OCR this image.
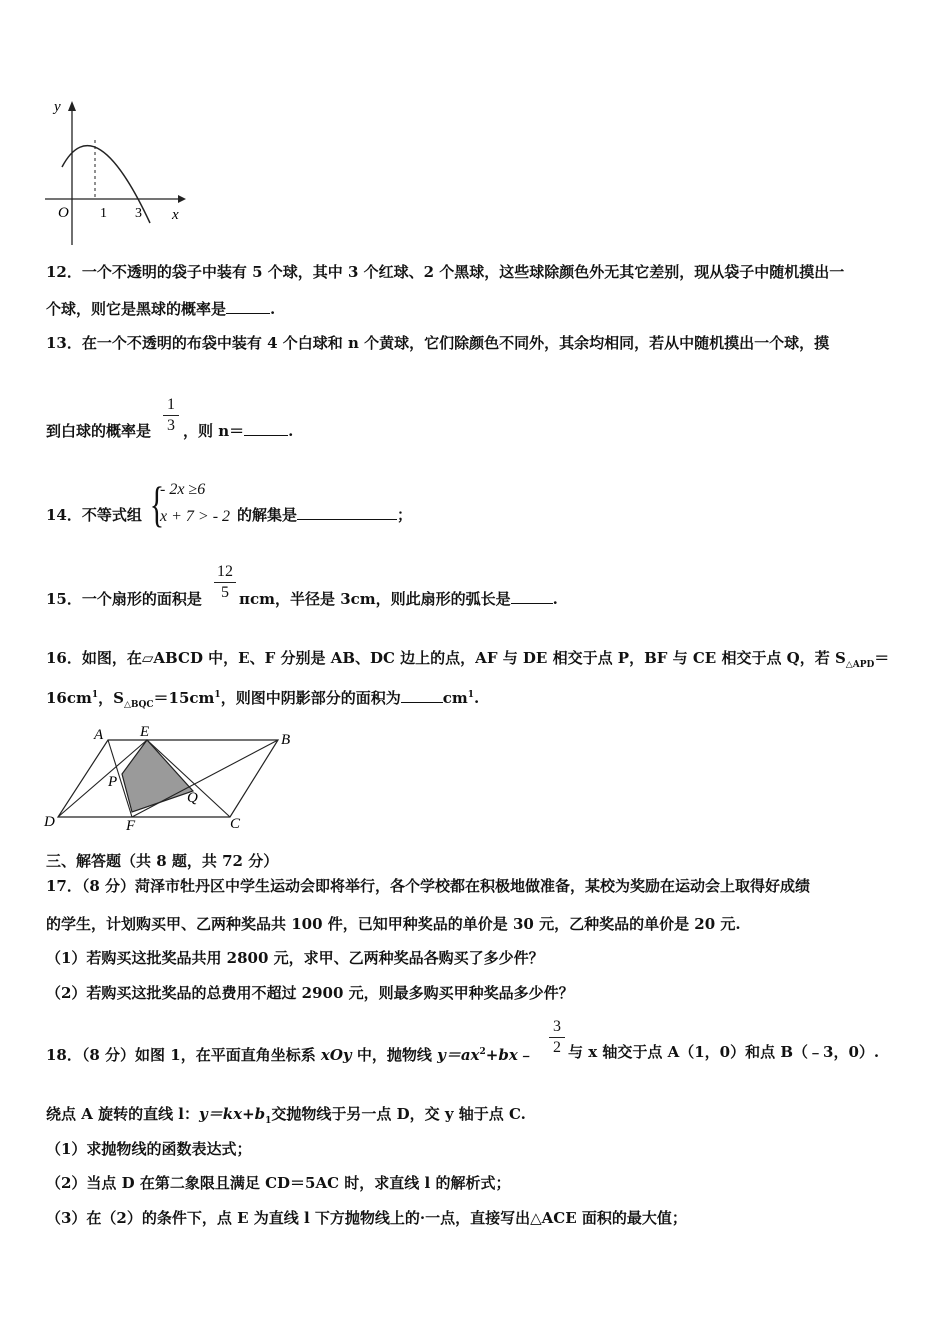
y
x
O 1 3
12．一个不透明的袋子中装有 5 个球，其中 3 个红球、2 个黑球，这些球除颜色外无其它差别，现从袋子中随机摸出一
个球，则它是黑球的概率是	.
13．在一个不透明的布袋中装有 4 个白球和 n 个黄球，它们除颜色不同外，其余均相同，若从中随机摸出一个球，摸
到白球的概率是
1
3 ，则 n＝	.
14．不等式组 {
- 2x ≥6
x + 7 > - 2 的解集是	；
15．一个扇形的面积是
12
5 πcm，半径是 3cm，则此扇形的弧长是	.
16．如图，在▱ABCD 中，E、F 分别是 AB、DC 边上的点，AF 与 DE 相交于点 P，BF 与 CE 相交于点 Q，若 $S_{\triangle APD}=$
$16cm^1$，$S_{\triangle BQC}=15cm^1$，则图中阴影部分的面积为	$cm^1$.
A E	B
P
Q
D	F	C
三、解答题（共 8 题，共 72 分）
17．（8 分）菏泽市牡丹区中学生运动会即将举行，各个学校都在积极地做准备，某校为奖励在运动会上取得好成绩
的学生，计划购买甲、乙两种奖品共 100 件，已知甲种奖品的单价是 30 元，乙种奖品的单价是 20 元.
（1）若购买这批奖品共用 2800 元，求甲、乙两种奖品各购买了多少件？
（2）若购买这批奖品的总费用不超过 2900 元，则最多购买甲种奖品多少件？
18．（8 分）如图 1，在平面直角坐标系 xOy 中，抛物线 $y=ax^2+bx﹣$
3
2 与 x 轴交于点 A（1，0）和点 B（﹣3，0）.
绕点 A 旋转的直线 l：$y=kx+b_1$交抛物线于另一点 D，交 y 轴于点 C.
（1）求抛物线的函数表达式；
（2）当点 D 在第二象限且满足 CD＝5AC 时，求直线 l 的解析式；
（3）在（2）的条件下，点 E 为直线 l 下方抛物线上的·一点，直接写出△ACE 面积的最大值；
